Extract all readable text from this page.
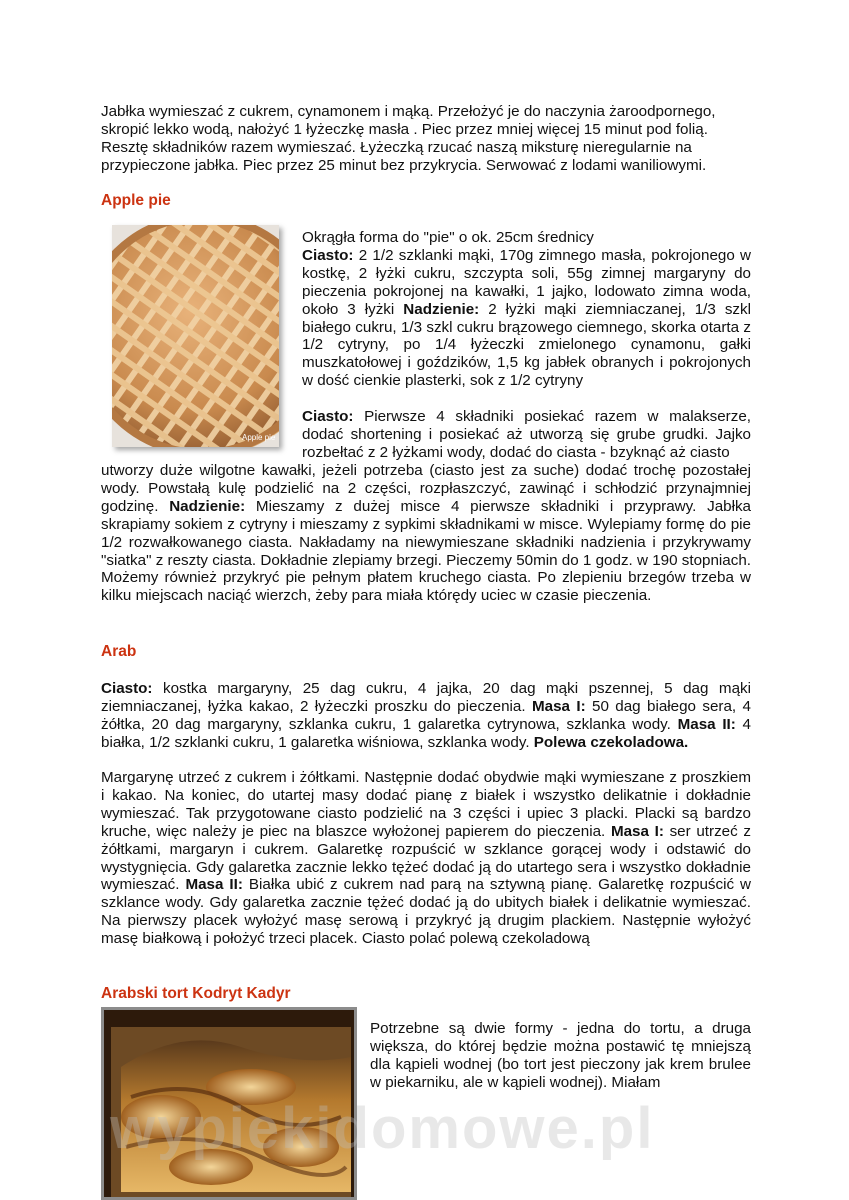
Jabłka wymieszać z cukrem, cynamonem i mąką. Przełożyć je do naczynia żaroodpornego,
skropić lekko wodą, nałożyć 1 łyżeczkę masła . Piec przez mniej więcej 15 minut pod folią.
Resztę składników razem wymieszać. Łyżeczką rzucać naszą miksturę nieregularnie na
przypieczone jabłka. Piec przez 25 minut bez przykrycia. Serwować z lodami waniliowymi.
Apple pie
Apple pie
Okrągła forma do "pie" o ok. 25cm średnicy
Ciasto: 2 1/2 szklanki mąki, 170g zimnego masła, pokrojonego w kostkę, 2 łyżki cukru, szczypta soli, 55g zimnej margaryny do pieczenia pokrojonej na kawałki, 1 jajko, lodowato zimna woda, około 3 łyżki Nadzienie: 2 łyżki mąki ziemniaczanej, 1/3 szkl białego cukru, 1/3 szkl cukru brązowego ciemnego, skorka otarta z 1/2 cytryny, po 1/4 łyżeczki zmielonego cynamonu, gałki muszkatołowej i goździków, 1,5 kg jabłek obranych i pokrojonych w dość cienkie plasterki, sok z 1/2 cytryny
Ciasto: Pierwsze 4 składniki posiekać razem w malakserze, dodać shortening i posiekać aż utworzą się grube grudki. Jajko rozbełtać z 2 łyżkami wody, dodać do ciasta - bzyknąć aż ciasto
utworzy duże wilgotne kawałki, jeżeli potrzeba (ciasto jest za suche) dodać trochę pozostałej wody. Powstałą kulę podzielić na 2 części, rozpłaszczyć, zawinąć i schłodzić przynajmniej godzinę. Nadzienie: Mieszamy z dużej misce 4 pierwsze składniki i przyprawy. Jabłka skrapiamy sokiem z cytryny i mieszamy z sypkimi składnikami w misce. Wylepiamy formę do pie 1/2 rozwałkowanego ciasta. Nakładamy na niewymieszane składniki nadzienia i przykrywamy "siatka" z reszty ciasta. Dokładnie zlepiamy brzegi. Pieczemy 50min do 1 godz. w 190 stopniach. Możemy również przykryć pie pełnym płatem kruchego ciasta. Po zlepieniu brzegów trzeba w kilku miejscach naciąć wierzch, żeby para miała którędy uciec w czasie pieczenia.
Arab
Ciasto: kostka margaryny, 25 dag cukru, 4 jajka, 20 dag mąki pszennej, 5 dag mąki ziemniaczanej, łyżka kakao, 2 łyżeczki proszku do pieczenia. Masa I: 50 dag białego sera, 4 żółtka, 20 dag margaryny, szklanka cukru, 1 galaretka cytrynowa, szklanka wody. Masa II: 4 białka, 1/2 szklanki cukru, 1 galaretka wiśniowa, szklanka wody. Polewa czekoladowa.
Margarynę utrzeć z cukrem i żółtkami. Następnie dodać obydwie mąki wymieszane z proszkiem i kakao. Na koniec, do utartej masy dodać pianę z białek i wszystko delikatnie i dokładnie wymieszać. Tak przygotowane ciasto podzielić na 3 części i upiec 3 placki. Placki są bardzo kruche, więc należy je piec na blaszce wyłożonej papierem do pieczenia. Masa I: ser utrzeć z żółtkami, margaryn i cukrem. Galaretkę rozpuścić w szklance gorącej wody i odstawić do wystygnięcia. Gdy galaretka zacznie lekko tężeć dodać ją do utartego sera i wszystko dokładnie wymieszać. Masa II: Białka ubić z cukrem nad parą na sztywną pianę. Galaretkę rozpuścić w szklance wody. Gdy galaretka zacznie tężeć dodać ją do ubitych białek i delikatnie wymieszać. Na pierwszy placek wyłożyć masę serową i przykryć ją drugim plackiem. Następnie wyłożyć masę białkową i położyć trzeci placek. Ciasto polać polewą czekoladową
Arabski tort Kodryt Kadyr
Potrzebne są dwie formy - jedna do tortu, a druga większa, do której będzie można postawić tę mniejszą dla kąpieli wodnej (bo tort jest pieczony jak krem brulee w piekarniku, ale w kąpieli wodnej). Miałam
wypiekidomowe.pl
